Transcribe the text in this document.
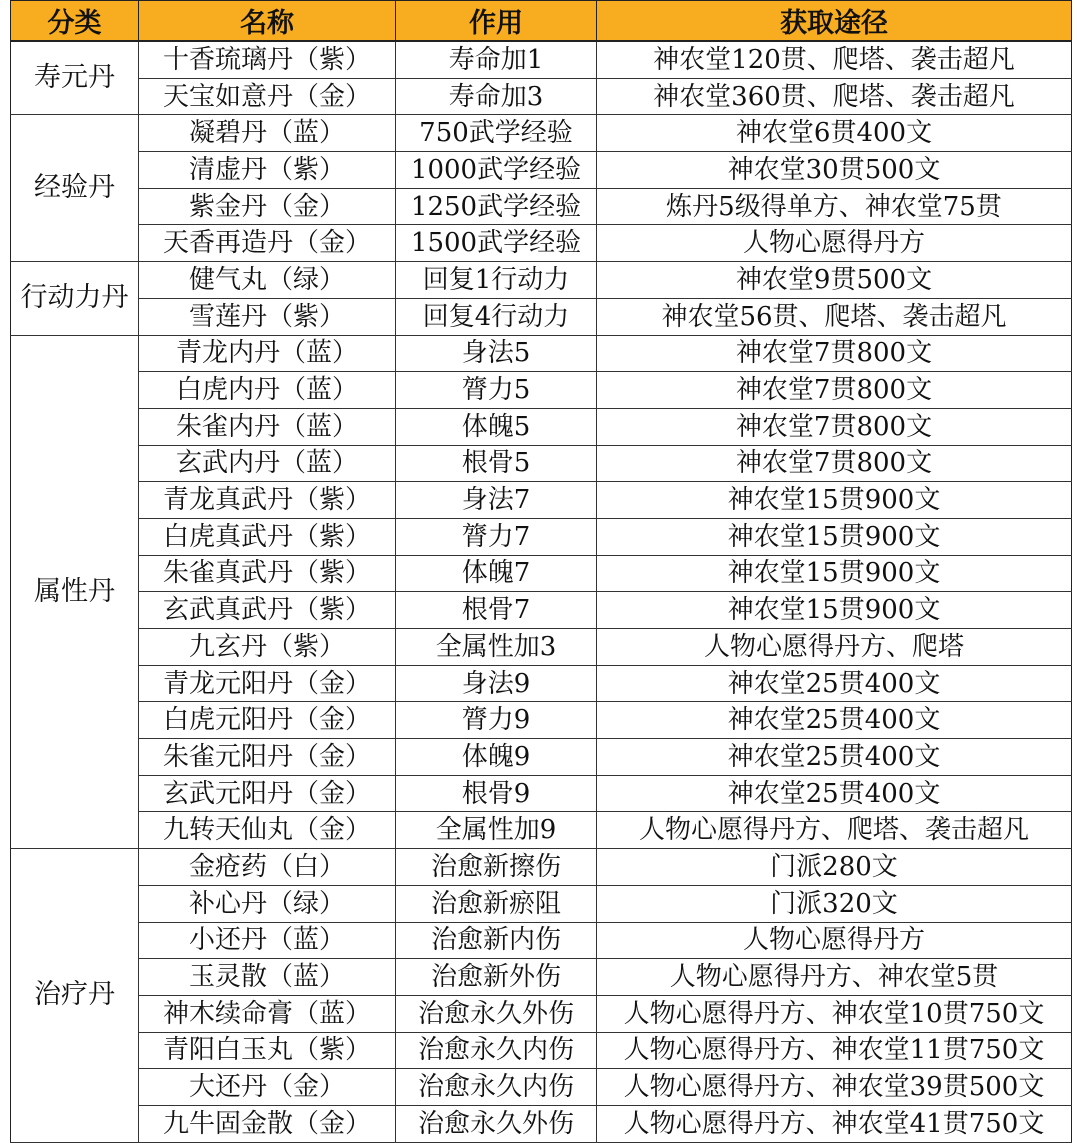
分类	名称	作用	获取途径
寿元丹	十香琉璃丹（紫）	寿命加1	神农堂120贯、爬塔、袭击超凡
	天宝如意丹（金）	寿命加3	神农堂360贯、爬塔、袭击超凡
经验丹	凝碧丹（蓝）	750武学经验	神农堂6贯400文
	清虚丹（紫）	1000武学经验	神农堂30贯500文
	紫金丹（金）	1250武学经验	炼丹5级得单方、神农堂75贯
	天香再造丹（金）	1500武学经验	人物心愿得丹方
行动力丹	健气丸（绿）	回复1行动力	神农堂9贯500文
	雪莲丹（紫）	回复4行动力	神农堂56贯、爬塔、袭击超凡
属性丹	青龙内丹（蓝）	身法5	神农堂7贯800文
	白虎内丹（蓝）	膂力5	神农堂7贯800文
	朱雀内丹（蓝）	体魄5	神农堂7贯800文
	玄武内丹（蓝）	根骨5	神农堂7贯800文
	青龙真武丹（紫）	身法7	神农堂15贯900文
	白虎真武丹（紫）	膂力7	神农堂15贯900文
	朱雀真武丹（紫）	体魄7	神农堂15贯900文
	玄武真武丹（紫）	根骨7	神农堂15贯900文
	九玄丹（紫）	全属性加3	人物心愿得丹方、爬塔
	青龙元阳丹（金）	身法9	神农堂25贯400文
	白虎元阳丹（金）	膂力9	神农堂25贯400文
	朱雀元阳丹（金）	体魄9	神农堂25贯400文
	玄武元阳丹（金）	根骨9	神农堂25贯400文
	九转天仙丸（金）	全属性加9	人物心愿得丹方、爬塔、袭击超凡
治疗丹	金疮药（白）	治愈新擦伤	门派280文
	补心丹（绿）	治愈新瘀阻	门派320文
	小还丹（蓝）	治愈新内伤	人物心愿得丹方
	玉灵散（蓝）	治愈新外伤	人物心愿得丹方、神农堂5贯
	神木续命膏（蓝）	治愈永久外伤	人物心愿得丹方、神农堂10贯750文
	青阳白玉丸（紫）	治愈永久内伤	人物心愿得丹方、神农堂11贯750文
	大还丹（金）	治愈永久内伤	人物心愿得丹方、神农堂39贯500文
	九牛固金散（金）	治愈永久外伤	人物心愿得丹方、神农堂41贯750文
